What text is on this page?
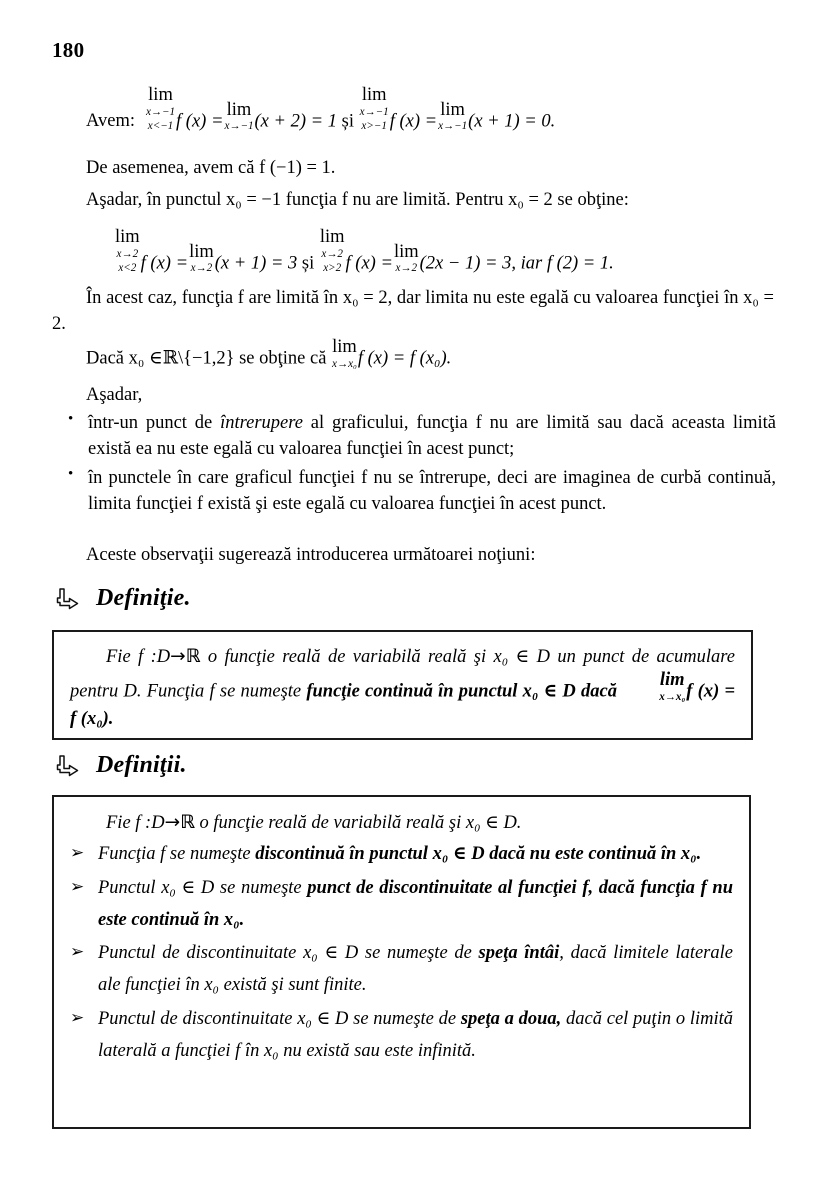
180
Avem:
lim
x→−1
x<−1 f (x) =
lim
x→−1 (x + 2) = 1 și
lim
x→−1
x>−1 f (x) =
lim
x→−1 (x + 1) = 0.
De asemenea, avem că f (−1) = 1.
Aşadar, în punctul x₀ = −1 funcţia f nu are limită. Pentru x₀ = 2 se obţine:
lim
x→2
x<2 f (x) =
lim
x→2 (x + 1) = 3 și
lim
x→2
x>2 f (x) =
lim
x→2 (2x − 1) = 3, iar f (2) = 1.
În acest caz, funcţia f are limită în x₀ = 2, dar limita nu este egală cu valoarea funcţiei în x₀ = 2.
Dacă x₀ ∈ℝ\{−1,2} se obţine că
lim
x→x₀ f (x) = f (x₀).
Aşadar,
• într-un punct de întrerupere al graficului, funcţia f nu are limită sau dacă aceasta limită există ea nu este egală cu valoarea funcţiei în acest punct;
• în punctele în care graficul funcţiei f nu se întrerupe, deci are imaginea de curbă continuă, limita funcţiei f există şi este egală cu valoarea funcţiei în acest punct.
Aceste observaţii sugerează introducerea următoarei noţiuni:
Definiţie.
Fie f :D→ℝ o funcţie reală de variabilă reală şi x₀ ∈ D un punct de acumulare pentru D. Funcţia f se numeşte funcţie continuă în punctul x₀ ∈ D dacă
lim
x→x₀ f (x) = f (x₀).
Definiţii.
Fie f :D→ℝ o funcţie reală de variabilă reală şi x₀ ∈ D.
➢ Funcţia f se numeşte discontinuă în punctul x₀ ∈ D dacă nu este continuă în x₀.
➢ Punctul x₀ ∈ D se numeşte punct de discontinuitate al funcţiei f, dacă funcţia f nu este continuă în x₀.
➢ Punctul de discontinuitate x₀ ∈ D se numeşte de speţa întâi, dacă limitele laterale ale funcţiei în x₀ există şi sunt finite.
➢ Punctul de discontinuitate x₀ ∈ D se numeşte de speţa a doua, dacă cel puţin o limită laterală a funcţiei f în x₀ nu există sau este infinită.
